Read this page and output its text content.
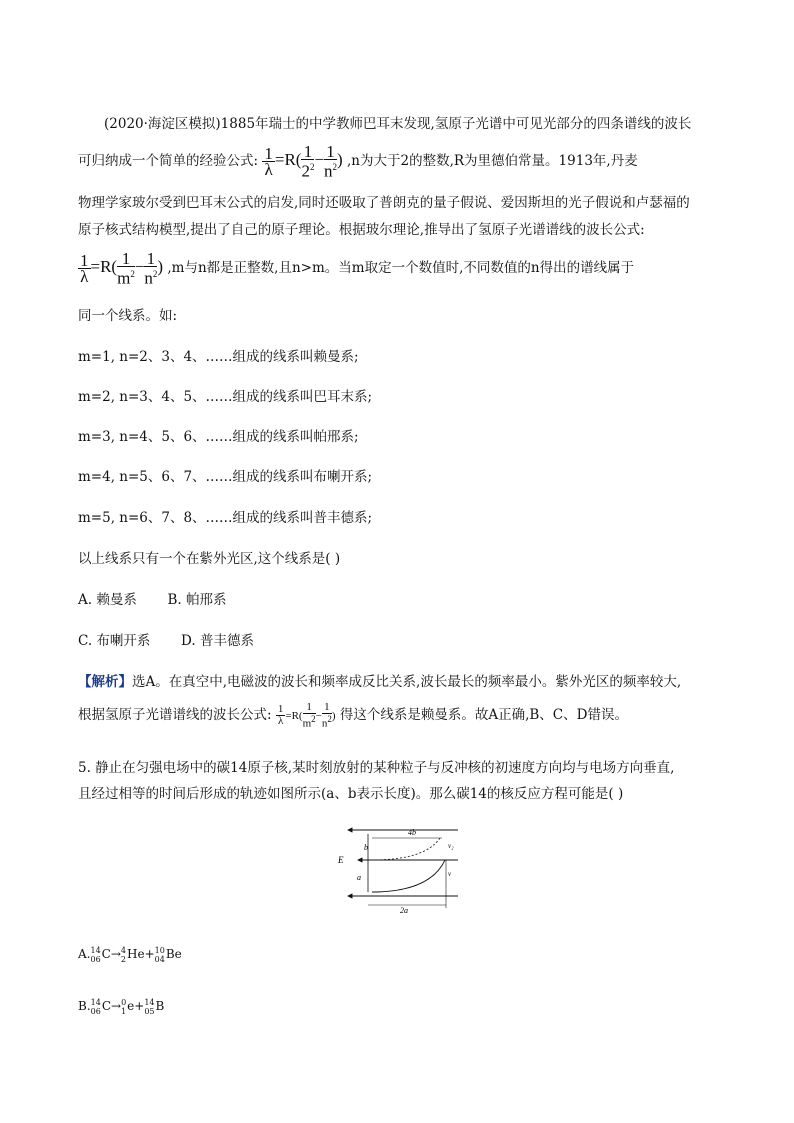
(2020·海淀区模拟)1885年瑞士的中学教师巴耳末发现,氢原子光谱中可见光部分的四条谱线的波长
可归纳成一个简单的经验公式: $\frac{1}{\lambda} =R( \frac{1}{2^2} - \frac{1}{n^2}$ ) ,n为大于2的整数,R为里德伯常量。1913年,丹麦
物理学家玻尔受到巴耳末公式的启发,同时还吸取了普朗克的量子假说、爱因斯坦的光子假说和卢瑟福的
原子核式结构模型,提出了自己的原子理论。根据玻尔理论,推导出了氢原子光谱谱线的波长公式:
$\frac{1}{\lambda} =R( \frac{1}{m^2} - \frac{1}{n^2}$ ) ,m与n都是正整数,且n>m。当m取定一个数值时,不同数值的n得出的谱线属于
同一个线系。如:
m=1, n=2、3、4、……组成的线系叫赖曼系;
m=2, n=3、4、5、……组成的线系叫巴耳末系;
m=3, n=4、5、6、……组成的线系叫帕邢系;
m=4, n=5、6、7、……组成的线系叫布喇开系;
m=5, n=6、7、8、……组成的线系叫普丰德系;
以上线系只有一个在紫外光区,这个线系是( )
A. 赖曼系 B. 帕邢系
C. 布喇开系 D. 普丰德系
【解析】选A。在真空中,电磁波的波长和频率成反比关系,波长最长的频率最小。紫外光区的频率较大,
根据氢原子光谱谱线的波长公式: $\frac{1}{\lambda} =R( \frac{1}{m^2} - \frac{1}{n^2}$ ) 得这个线系是赖曼系。故A正确,B、C、D错误。
5. 静止在匀强电场中的碳14原子核,某时刻放射的某种粒子与反冲核的初速度方向均与电场方向垂直,
且经过相等的时间后形成的轨迹如图所示(a、b表示长度)。那么碳14的核反应方程可能是( )
4b
2a
b
E
a
v₂
v
A. 14
06 C→ 4
2 He+ 10
04 Be
B. 14
06 C→ 0
1 e+ 14
05 B
